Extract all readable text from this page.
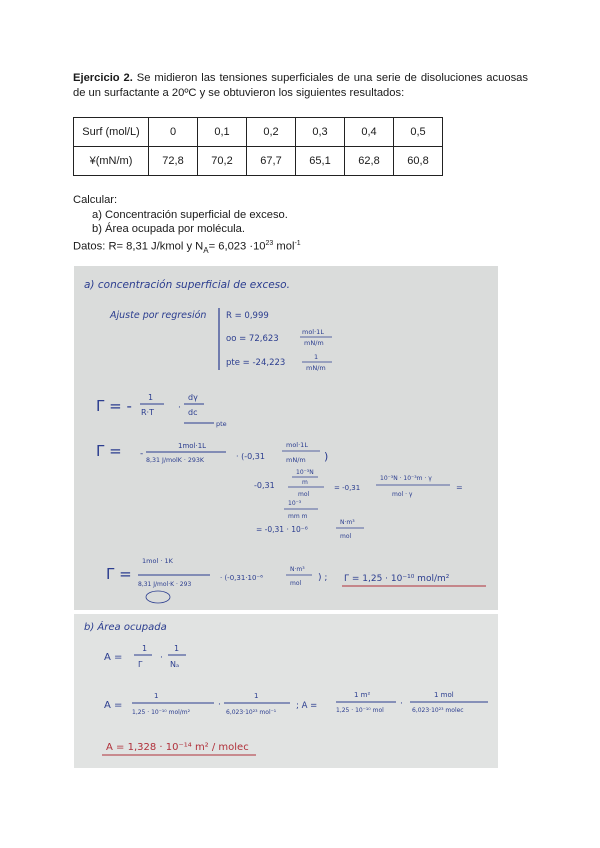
Ejercicio 2. Se midieron las tensiones superficiales de una serie de disoluciones acuosas de un surfactante a 20ºC y se obtuvieron los siguientes resultados:
Surf (mol/L)	0	0,1	0,2	0,3	0,4	0,5
¥(mN/m)	72,8	70,2	67,7	65,1	62,8	60,8
Calcular:
a) Concentración superficial de exceso.
b) Área ocupada por molécula.
Datos: R= 8,31 J/kmol y $N_A= 6,023 \cdot 10^{23}$ mol$^{-1}$
a) concentración superficial de exceso.
Ajuste por regresión R = 0,999
oo = 72,623
mol·1L
mN/m
pte = -24,223
1
mN/m
Γ = - 1
R·T	·
dγ
dc
pte
Γ = -
1mol·1L
8,31 J/molK · 293K	· (-0,31
mol·1L
mN/m )
-0,31
10⁻³N
m
mol
= -0,31
10⁻³N · 10⁻³m · γ
mol · γ
=
10⁻³
mm m
= -0,31 · 10⁻⁶
N·m³
mol
Γ =
1mol · 1K
8,31 J/mol·K · 293
· (-0,31·10⁻⁶
N·m³
mol
) ; Γ = 1,25 · 10⁻¹⁰ mol/m²
b) Área ocupada
A =
1
Γ
·
1
Nₐ
A =
1
1,25 · 10⁻¹⁰ mol/m²
·
1
6,023·10²³ mol⁻¹
; A =
1 m²
1,25 · 10⁻¹⁰ mol
·
1 mol
6,023·10²³ molec
A = 1,328 · 10⁻¹⁴ m² / molec
